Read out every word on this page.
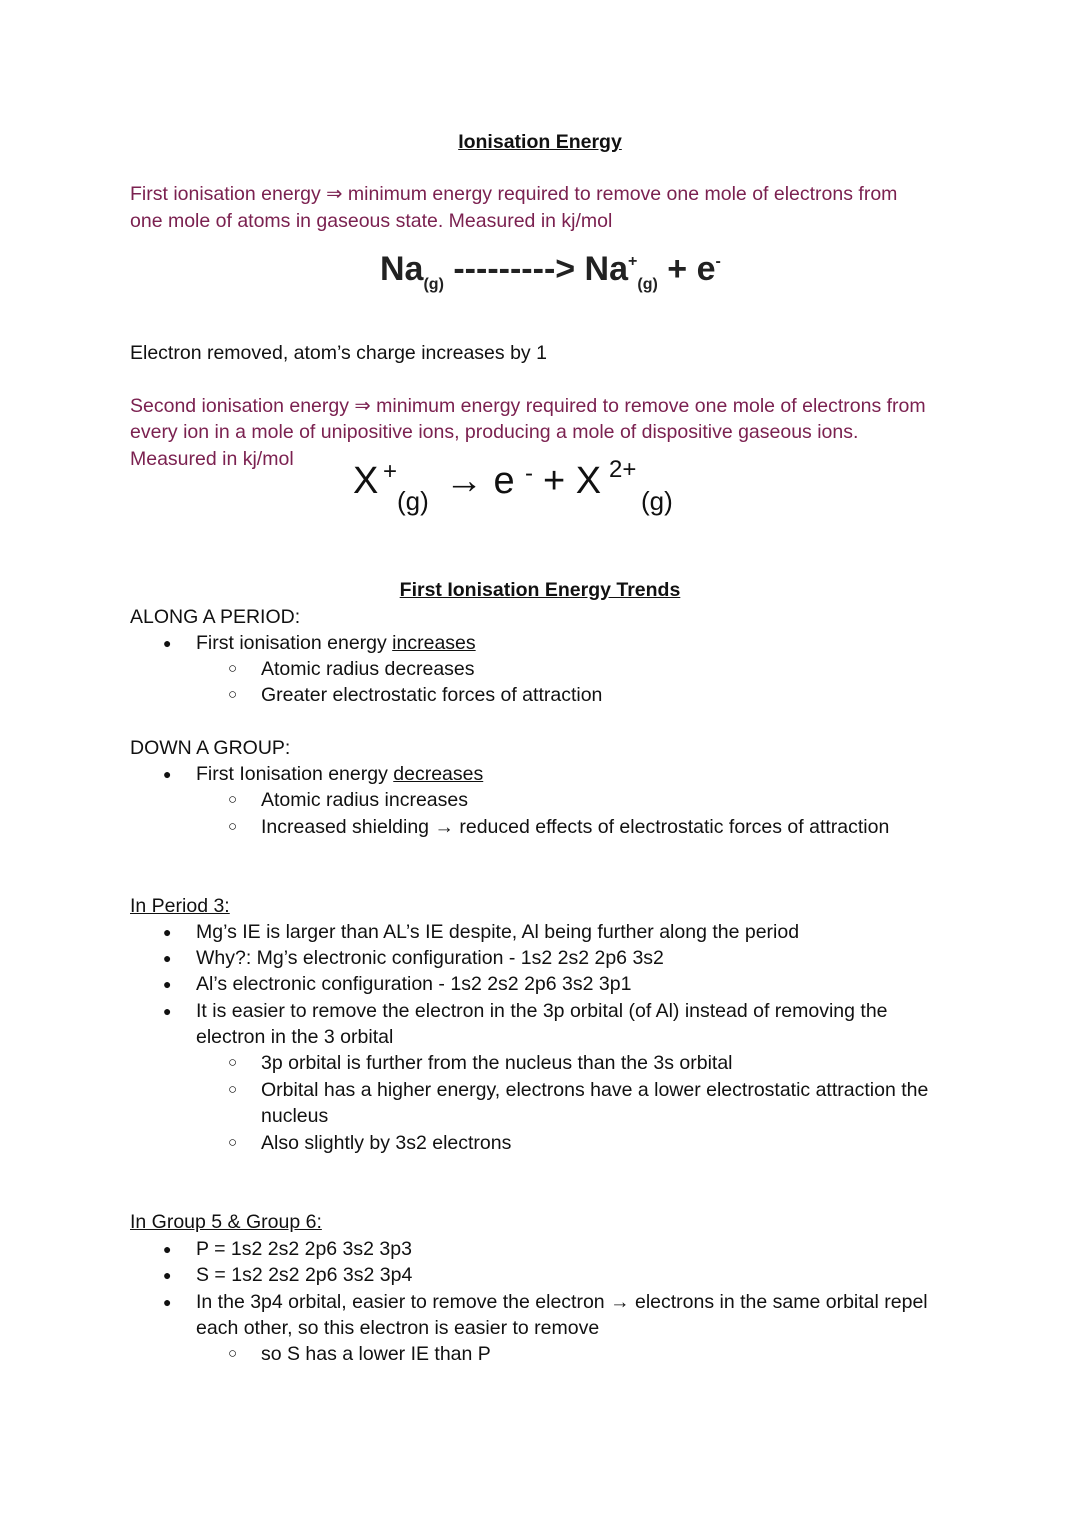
Ionisation Energy
First ionisation energy ⇒ minimum energy required to remove one mole of electrons from
one mole of atoms in gaseous state. Measured in kj/mol
$Na_{(g)}$ ---------> $Na^+_{(g)} + e^-$
Electron removed, atom’s charge increases by 1
Second ionisation energy ⇒ minimum energy required to remove one mole of electrons from
every ion in a mole of unipositive ions, producing a mole of dispositive gaseous ions.
Measured in kj/mol
X +
(g) → e - + X 2+
(g)
First Ionisation Energy Trends
ALONG A PERIOD:
● First ionisation energy increases
○ Atomic radius decreases
○ Greater electrostatic forces of attraction
DOWN A GROUP:
● First Ionisation energy decreases
○ Atomic radius increases
○ Increased shielding → reduced effects of electrostatic forces of attraction
In Period 3:
● Mg’s IE is larger than AL’s IE despite, Al being further along the period
● Why?: Mg’s electronic configuration - 1s2 2s2 2p6 3s2
● Al’s electronic configuration - 1s2 2s2 2p6 3s2 3p1
● It is easier to remove the electron in the 3p orbital (of Al) instead of removing the
electron in the 3 orbital
○ 3p orbital is further from the nucleus than the 3s orbital
○ Orbital has a higher energy, electrons have a lower electrostatic attraction the
nucleus
○ Also slightly by 3s2 electrons
In Group 5 & Group 6:
● P = 1s2 2s2 2p6 3s2 3p3
● S = 1s2 2s2 2p6 3s2 3p4
● In the 3p4 orbital, easier to remove the electron → electrons in the same orbital repel
each other, so this electron is easier to remove
○ so S has a lower IE than P
